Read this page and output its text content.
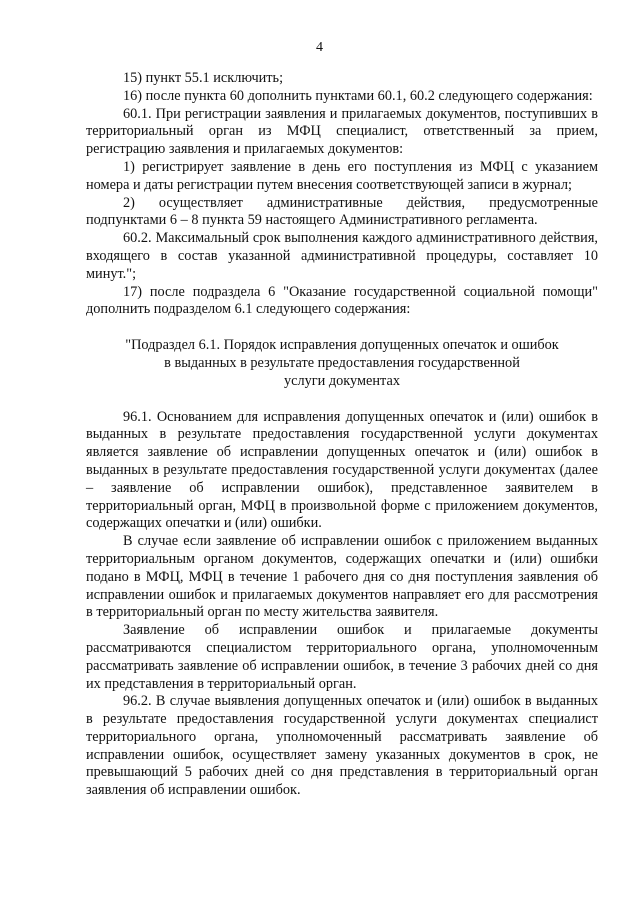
4

15) пункт 55.1 исключить;

16) после пункта 60 дополнить пунктами 60.1, 60.2 следующего содержания:

60.1. При регистрации заявления и прилагаемых документов, поступивших в территориальный орган из МФЦ специалист, ответственный за прием, регистрацию заявления и прилагаемых документов:

1) регистрирует заявление в день его поступления из МФЦ с указанием номера и даты регистрации путем внесения соответствующей записи в журнал;

2) осуществляет административные действия, предусмотренные подпунктами 6 – 8 пункта 59 настоящего Административного регламента.

60.2. Максимальный срок выполнения каждого административного действия, входящего в состав указанной административной процедуры, составляет 10 минут.";

17) после подраздела 6 "Оказание государственной социальной помощи" дополнить подразделом 6.1 следующего содержания:

"Подраздел 6.1. Порядок исправления допущенных опечаток и ошибок
в выданных в результате предоставления государственной
услуги документах

96.1. Основанием для исправления допущенных опечаток и (или) ошибок в выданных в результате предоставления государственной услуги документах является заявление об исправлении допущенных опечаток и (или) ошибок в выданных в результате предоставления государственной услуги документах (далее – заявление об исправлении ошибок), представленное заявителем в территориальный орган, МФЦ в произвольной форме с приложением документов, содержащих опечатки и (или) ошибки.

В случае если заявление об исправлении ошибок с приложением выданных территориальным органом документов, содержащих опечатки и (или) ошибки подано в МФЦ, МФЦ в течение 1 рабочего дня со дня поступления заявления об исправлении ошибок и прилагаемых документов направляет его для рассмотрения в территориальный орган по месту жительства заявителя.

Заявление об исправлении ошибок и прилагаемые документы рассматриваются специалистом территориального органа, уполномоченным рассматривать заявление об исправлении ошибок, в течение 3 рабочих дней со дня их представления в территориальный орган.

96.2. В случае выявления допущенных опечаток и (или) ошибок в выданных в результате предоставления государственной услуги документах специалист территориального органа, уполномоченный рассматривать заявление об исправлении ошибок, осуществляет замену указанных документов в срок, не превышающий 5 рабочих дней со дня представления в территориальный орган заявления об исправлении ошибок.
